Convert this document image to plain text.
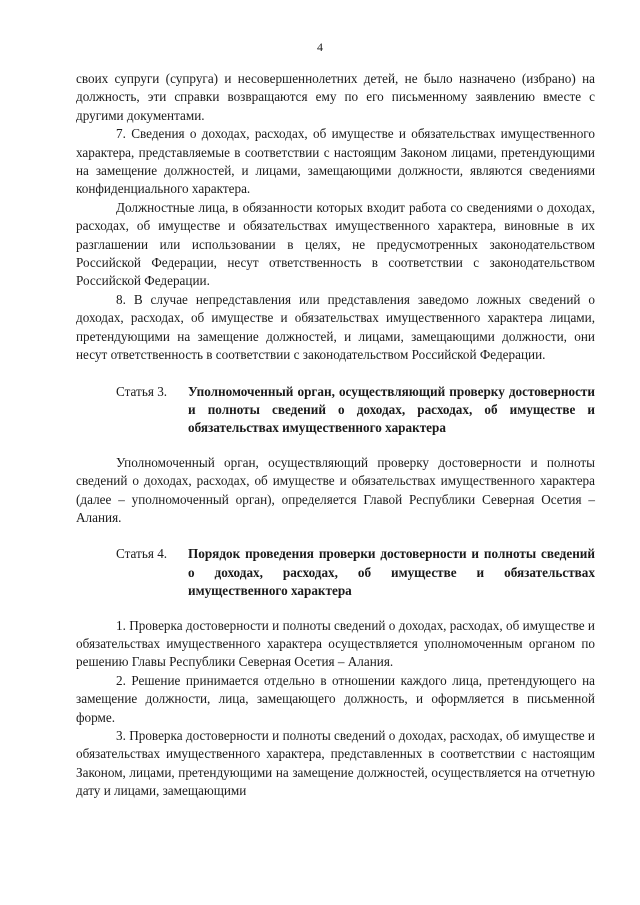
4

своих супруги (супруга) и несовершеннолетних детей, не было назначено (избрано) на должность, эти справки возвращаются ему по его письменному заявлению вместе с другими документами.

7. Сведения о доходах, расходах, об имуществе и обязательствах имущественного характера, представляемые в соответствии с настоящим Законом лицами, претендующими на замещение должностей, и лицами, замещающими должности, являются сведениями конфиденциального характера.

Должностные лица, в обязанности которых входит работа со сведениями о доходах, расходах, об имуществе и обязательствах имущественного характера, виновные в их разглашении или использовании в целях, не предусмотренных законодательством Российской Федерации, несут ответственность в соответствии с законодательством Российской Федерации.

8. В случае непредставления или представления заведомо ложных сведений о доходах, расходах, об имуществе и обязательствах имущественного характера лицами, претендующими на замещение должностей, и лицами, замещающими должности, они несут ответственность в соответствии с законодательством Российской Федерации.

Статья 3.	Уполномоченный орган, осуществляющий проверку достоверности и полноты сведений о доходах, расходах, об имуществе и обязательствах имущественного характера

Уполномоченный орган, осуществляющий проверку достоверности и полноты сведений о доходах, расходах, об имуществе и обязательствах имущественного характера (далее – уполномоченный орган), определяется Главой Республики Северная Осетия – Алания.

Статья 4.	Порядок проведения проверки достоверности и полноты сведений о доходах, расходах, об имуществе и обязательствах имущественного характера

1. Проверка достоверности и полноты сведений о доходах, расходах, об имуществе и обязательствах имущественного характера осуществляется уполномоченным органом по решению Главы Республики Северная Осетия – Алания.

2. Решение принимается отдельно в отношении каждого лица, претендующего на замещение должности, лица, замещающего должность, и оформляется в письменной форме.

3. Проверка достоверности и полноты сведений о доходах, расходах, об имуществе и обязательствах имущественного характера, представленных в соответствии с настоящим Законом, лицами, претендующими на замещение должностей, осуществляется на отчетную дату и лицами, замещающими
